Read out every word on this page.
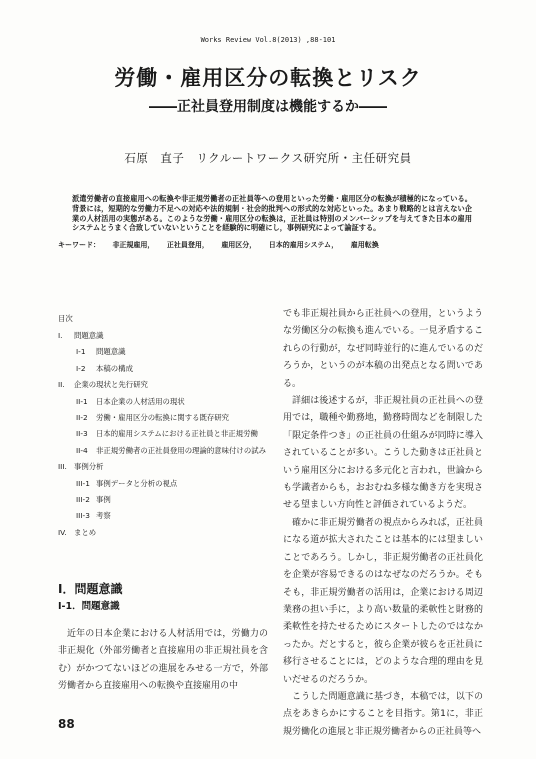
Works Review Vol.8(2013) ,88-101
労働・雇用区分の転換とリスク
――正社員登用制度は機能するか――
石原　直子　リクルートワークス研究所・主任研究員
派遣労働者の直接雇用への転換や非正規労働者の正社員等への登用といった労働・雇用区分の転換が積極的になっている。背景には，短期的な労働力不足への対応や法的規制・社会的批判への形式的な対応といった。あまり戦略的とは言えない企業の人材活用の実態がある。このような労働・雇用区分の転換は，正社員は特別のメンバーシップを与えてきた日本の雇用システムとうまく合致していないということを経験的に明確にし，事例研究によって論証する。
キーワード： 非正規雇用， 正社員登用， 雇用区分， 日本的雇用システム， 雇用転換
目次
I.	問題意識
I-1	問題意識
I-2	本稿の構成
II.	企業の現状と先行研究
II-1	日本企業の人材活用の現状
II-2	労働・雇用区分の転換に関する既存研究
II-3	日本的雇用システムにおける正社員と非正規労働
II-4	非正規労働者の正社員登用の理論的意味付けの試み
III. 事例分析
III-1 事例データと分析の視点
III-2 事例
III-3 考察
IV. まとめ
I．問題意識
I-1．問題意識

近年の日本企業における人材活用では，労働力の非正規化（外部労働者と直接雇用の非正規社員を含む）がかつてないほどの進展をみせる一方で，外部労働者から直接雇用への転換や直接雇用の中

でも非正規社員から正社員への登用，というような労働区分の転換も進んでいる。一見矛盾するこれらの行動が，なぜ同時並行的に進んでいるのだろうか，というのが本稿の出発点となる問いである。

詳細は後述するが，非正規社員の正社員への登用では，職種や勤務地，勤務時間などを制限した「限定条件つき」の正社員の仕組みが同時に導入されていることが多い。こうした動きは正社員という雇用区分における多元化と言われ，世論からも学識者からも，おおむね多様な働き方を実現させる望ましい方向性と評価されているようだ。

確かに非正規労働者の視点からみれば，正社員になる道が拡大されたことは基本的には望ましいことであろう。しかし，非正規労働者の正社員化を企業が容易できるのはなぜなのだろうか。そもそも，非正規労働者の活用は，企業における周辺業務の担い手に，より高い数量的柔軟性と財務的柔軟性を持たせるためにスタートしたのではなかったか。だとすると，彼ら企業が彼らを正社員に移行させることには，どのような合理的理由を見いだせるのだろうか。

こうした問題意識に基づき，本稿では，以下の点をあきらかにすることを目指す。第1に，非正規労働化の進展と非正規労働者からの正社員等へ

88
